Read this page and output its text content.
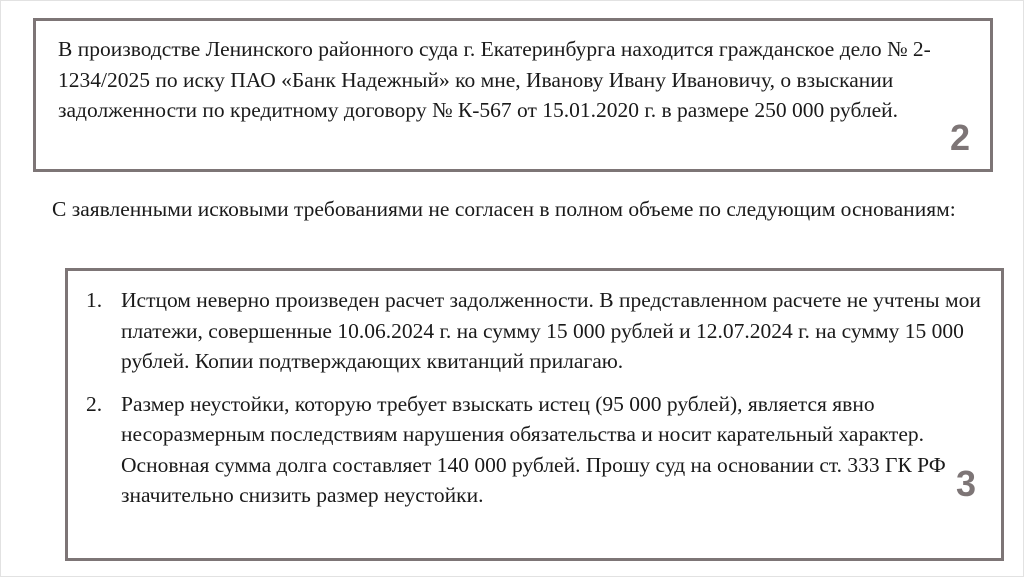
В производстве Ленинского районного суда г. Екатеринбурга находится гражданское дело № 2-1234/2025 по иску ПАО «Банк Надежный» ко мне, Иванову Ивану Ивановичу, о взыскании задолженности по кредитному договору № К-567 от 15.01.2020 г. в размере 250 000 рублей.

2

С заявленными исковыми требованиями не согласен в полном объеме по следующим основаниям:

1. Истцом неверно произведен расчет задолженности. В представленном расчете не учтены мои платежи, совершенные 10.06.2024 г. на сумму 15 000 рублей и 12.07.2024 г. на сумму 15 000 рублей. Копии подтверждающих квитанций прилагаю.
2. Размер неустойки, которую требует взыскать истец (95 000 рублей), является явно несоразмерным последствиям нарушения обязательства и носит карательный характер. Основная сумма долга составляет 140 000 рублей. Прошу суд на основании ст. 333 ГК РФ значительно снизить размер неустойки.	3
